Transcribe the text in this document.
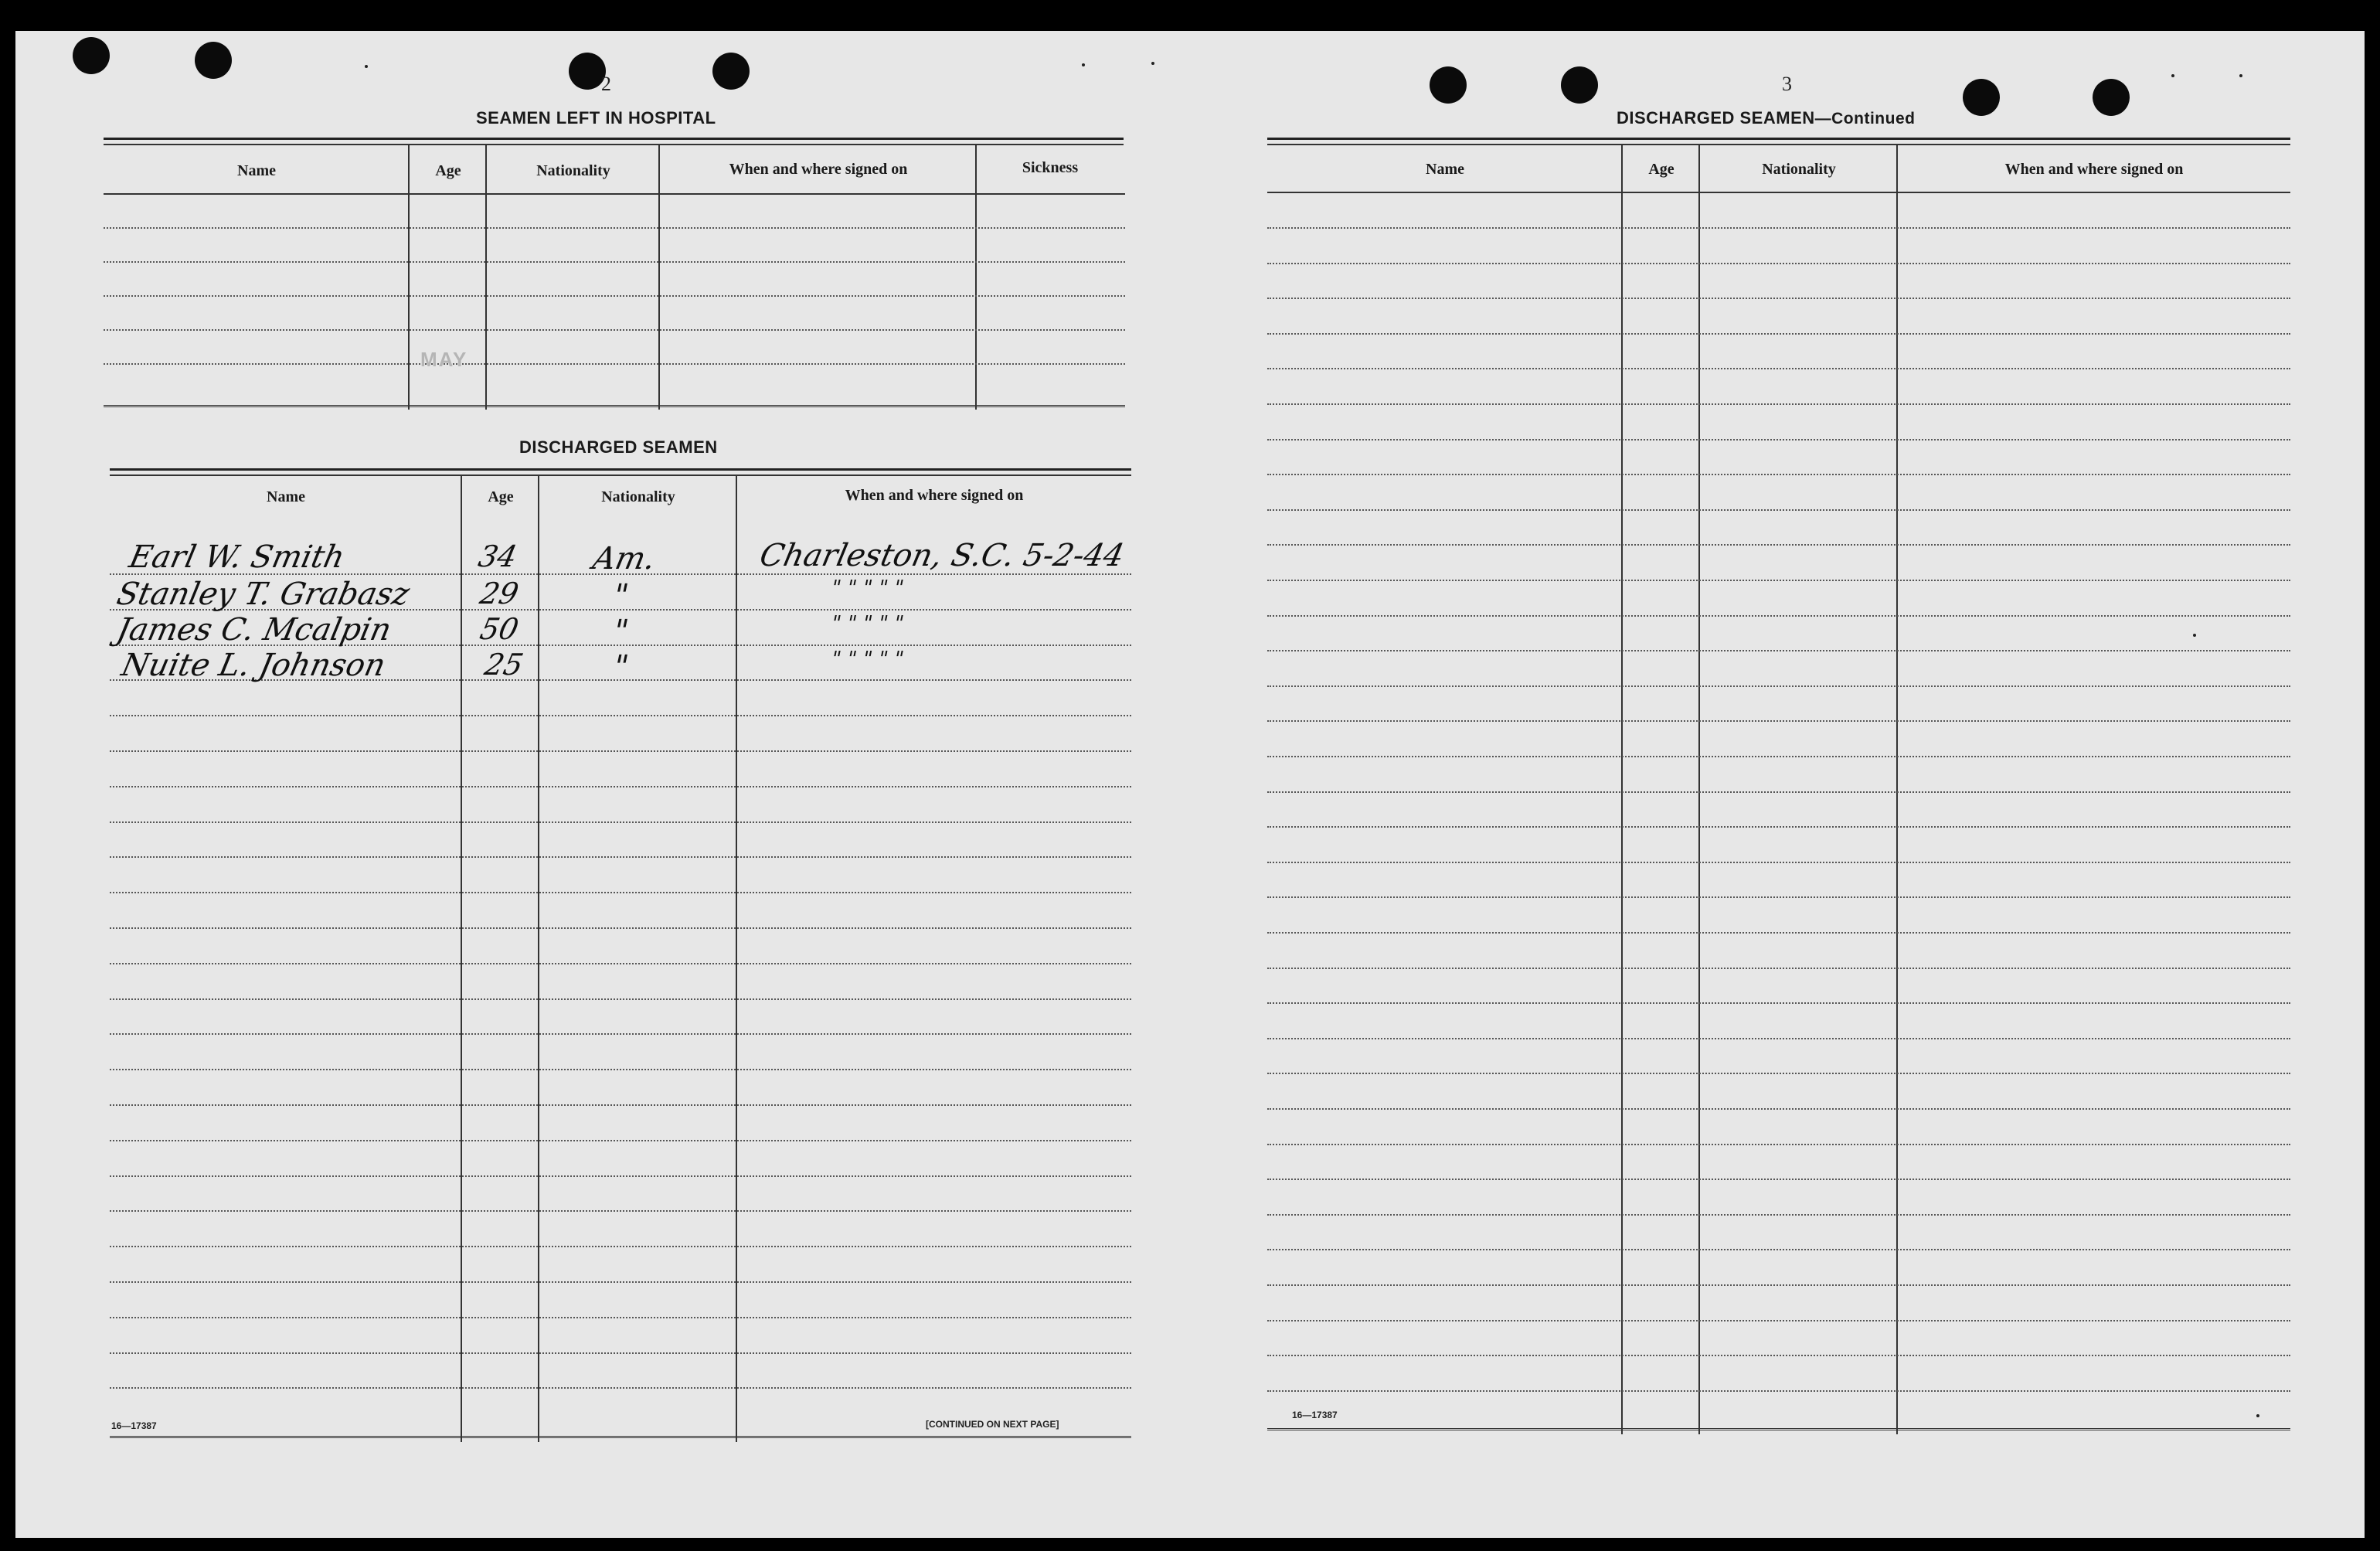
2
SEAMEN LEFT IN HOSPITAL
Name	Age	Nationality	When and where signed on	Sickness
MAY
DISCHARGED SEAMEN
Name	Age	Nationality	When and where signed on
Earl W. Smith	34 Am.	Charleston, S.C. 5-2-44
Stanley T. Grabasz 29	"	" " " " "
James C. Mcalpin	50	"	" " " " "
Nuite L. Johnson	25	"	" " " " "
16—17387	[CONTINUED ON NEXT PAGE]
3
DISCHARGED SEAMEN—Continued
Name	Age	Nationality	When and where signed on
16—17387
